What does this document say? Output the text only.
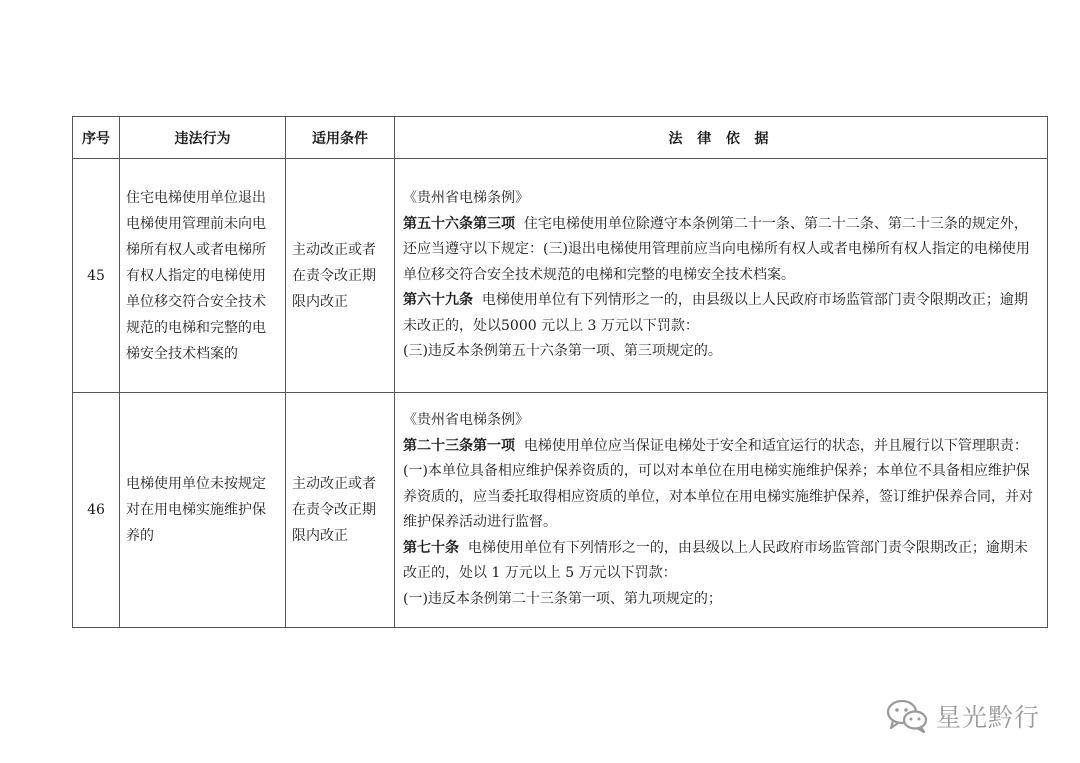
序号	违法行为	适用条件	法 律 依 据
45	住宅电梯使用单位退出电梯使用管理前未向电梯所有权人或者电梯所有权人指定的电梯使用单位移交符合安全技术规范的电梯和完整的电梯安全技术档案的	主动改正或者在责令改正期限内改正	《贵州省电梯条例》

第五十六条第三项 住宅电梯使用单位除遵守本条例第二十一条、第二十二条、第二十三条的规定外，还应当遵守以下规定：(三)退出电梯使用管理前应当向电梯所有权人或者电梯所有权人指定的电梯使用单位移交符合安全技术规范的电梯和完整的电梯安全技术档案。

第六十九条 电梯使用单位有下列情形之一的，由县级以上人民政府市场监管部门责令限期改正；逾期未改正的，处以5000 元以上 3 万元以下罚款：

(三)违反本条例第五十六条第一项、第三项规定的。

46	电梯使用单位未按规定对在用电梯实施维护保养的	主动改正或者在责令改正期限内改正	《贵州省电梯条例》

第二十三条第一项 电梯使用单位应当保证电梯处于安全和适宜运行的状态，并且履行以下管理职责：(一)本单位具备相应维护保养资质的，可以对本单位在用电梯实施维护保养；本单位不具备相应维护保养资质的，应当委托取得相应资质的单位，对本单位在用电梯实施维护保养，签订维护保养合同，并对维护保养活动进行监督。

第七十条 电梯使用单位有下列情形之一的，由县级以上人民政府市场监管部门责令限期改正；逾期未改正的，处以 1 万元以上 5 万元以下罚款：

(一)违反本条例第二十三条第一项、第九项规定的；

星光黔行
